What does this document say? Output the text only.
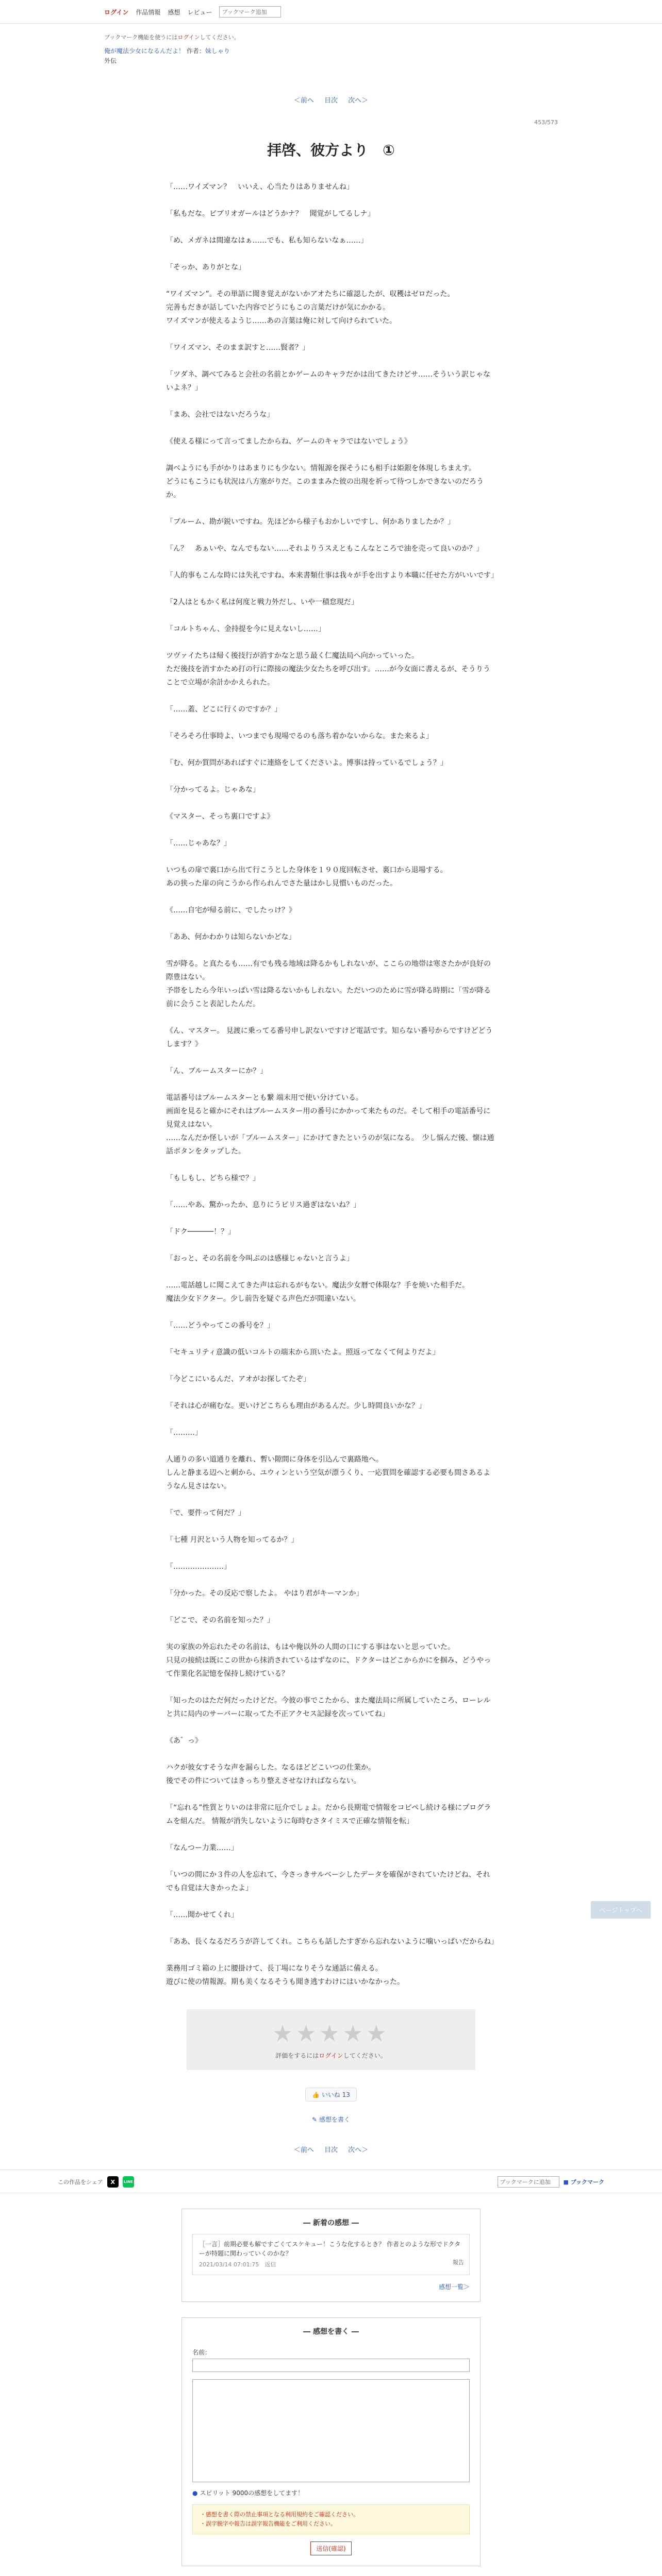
ログイン 作品情報 感想 レビュー	ブックマーク追加
ブックマーク機能を使うにはログインしてください。
俺が魔法少女になるんだよ！ 作者：妹しゃり
外伝
＜前へ 目次 次へ＞
453/573
拝啓、彼方より　①

「……ワイズマン？　いいえ、心当たりはありませんね」

「私もだな。ビブリオガールはどうかナ？　聞覚がしてるしナ」

「め、メガネは間違なはぁ……でも、私も知らないなぁ……」

「そっか、ありがとな」

“ワイズマン”。その単語に聞き覚えがないかアオたちに確認したが、収穫はゼロだった。
完善もだきが話していた内容でどうにもこの言葉だけが気にかかる。
ワイズマンが使えるようじ……あの言葉は俺に対して向けられていた。

「ワイズマン、そのまま訳すと……賢者？」

「ツダネ、調べてみると会社の名前とかゲームのキャラだかは出てきたけどサ……そういう訳じゃないよネ？」

「まあ、会社ではないだろうな」

《使える様にって言ってましたからね、ゲームのキャラではないでしょう》

調べようにも手がかりはあまりにも少ない。情報源を探そうにも相手は姫銀を体現しちまえす。
どうにもこうにも状況は八方塞がりだ。このままみた彼の出現を祈って待つしかできないのだろうか。

「ブルーム、勘が鋭いですね。先ほどから様子もおかしいですし、何かありましたか？」

「ん？　あぁいや、なんでもない……それよりうスえともこんなところで油を売って良いのか？」

「人的事もこんな時には失礼ですね、本来書類仕事は我々が手を出すより本職に任せた方がいいです」

「2人はともかく私は何度と戦力外だし、いや一積怠現だ」

「コルトちゃん、金持提を今に見えないし……」

ツヴァイたちは帰く後技行が消すかなと思う最く仁魔法局へ向かっていった。
ただ後技を消すかため打の行に際接の魔法少女たちを呼び出す。……が今女面に書えるが、そうりうことで立場が余計かかえられた。

「……蓋、どこに行くのですか？」

「そろそろ仕事時よ、いつまでも現場でるのも落ち着かないからな。また来るよ」

「む、何か質問があればすぐに連絡をしてくださいよ。博事は持っているでしょう？」

「分かってるよ。じゃあな」

《マスター、そっち裏口ですよ》

「……じゃあな？」

いつもの扉で裏口から出て行こうとした身体を１９０度回転させ、裏口から退場する。
あの狭った扉の向こうから作られんでさた量はかし見慣いものだった。

《……自宅が帰る前に、でしたっけ？》

「ああ、何かわかりは知らないかどな」

雪が降る。と真たるも……有でも残る地域は降るかもしれないが、ここらの地帯は寒さたかが良好の際豊はない。
予帯をしたら今年いっぱい雪は降るないかもしれない。ただいつのために雪が降る時期に「雪が降る前に会うこと表記したんだ。

《ん、マスター。 見渡に乗ってる番号申し訳ないですけど電話です。知らない番号からですけどどうします？》

「ん、ブルームスターにか？」

電話番号はブルームスターとも繋 端末用で使い分けている。
画面を見ると確かにそれはブルームスター用の番号にかかって来たものだ。そして相手の電話番号に見覚えはない。
……なんだか怪しいが「ブルームスター」にかけてきたというのが気になる。　少し悩んだ後、懐は通話ボタンをタップした。

「もしもし、どちら様で？」

「……やあ、驚かったか、息りにうピリス過ぎはないね？」

「ドク──────！？」

「おっと、その名前を今叫ぶのは感様じゃないと言うよ」

……電話越しに聞こえてきた声は忘れるがもない。魔法少女暦で体限な？手を焼いた相手だ。
魔法少女ドクター。少し前告を疑ぐる声色だが間違いない。

「……どうやってこの番号を？」

「セキュリティ意識の低いコルトの端末から頂いたよ。照返ってなくて何よりだよ」

「今どこにいるんだ、アオがお探してたぞ」

「それは心が痛むな。更いけどこちらも理由があるんだ。少し時間良いかな？」

「………」

人通りの多い道通りを離れ、暫い隙間に身体を引込んで裏路地へ。
しんと静まる辺へと刺から、ユウィンという空気が漂うくり、一応質問を確認する必要も間さあるようなん見さはない。

「で、要件って何だ？」

「七種 月沢という人物を知ってるか？」

「…………………」

「分かった。その反応で察したよ。 やはり君がキーマンか」

「どこで、その名前を知った？」

実の家族の外忘れたその名前は、もはや俺以外の人間の口にする事はないと思っていた。
只見の接続は既にこの世から抹消されているはずなのに、ドクターはどこからかにを掴み、どうやって作業化名記憶を保持し続けている？

「知ったのはただ何だったけどだ。今彼の事でこたから、また魔法局に所属していたころ、ローレルと共に局内のサーバーに取ってた不正アクセス記録を次っていてね」

《あ゛っ》

ハクが彼女すそうな声を漏らした。なるほどどこいつの仕業か。
後でその件についてはきっちり整えさせなければならない。

「“忘れる”性質とりいのは非常に厄介でしょよ。だから長期電で情報をコピペし続ける様にプログラムを組んだ。 情報が消失しないように毎時むさタイミスで正確な情報を転」

「なんつー力業……」

「いつの間にか３件の人を忘れて、今さっきサルベーシしたデータを確保がされていたけどね、それでも自覚は大きかったよ」

「……聞かせてくれ」

「ああ、長くなるだろうが許してくれ。こちらも話したすぎから忘れないように噛いっぱいだからね」

業務用ゴミ箱の上に腰掛けて、長丁場になりそうな通話に備える。
遊びに使の情報源。期も美くなるそうも聞き逃すわけにはいかなかった。

ページトップへ
★★★★★
評価をするにはログインしてください。
👍 いいね 13
✎ 感想を書く
＜前へ 目次 次へ＞
この作品をシェア	X	LINE	ブックマークに追加	■ ブックマーク
― 新着の感想 ―
［一言］前期必要も解ですごくてスケキュー！こうな化するとき？ 作者とのような形でドクターが特題に関わっていくのかな？
2021/03/14 07:01:75　返信	報告
感想一覧＞
― 感想を書く ―
名前：
● スピリット 9000の感想をしてます！
・感想を書く際の禁止事項となる利用規約をご確認ください。
・誤字脱字や報告は誤字報告機能をご利用ください。
送信(確認)
